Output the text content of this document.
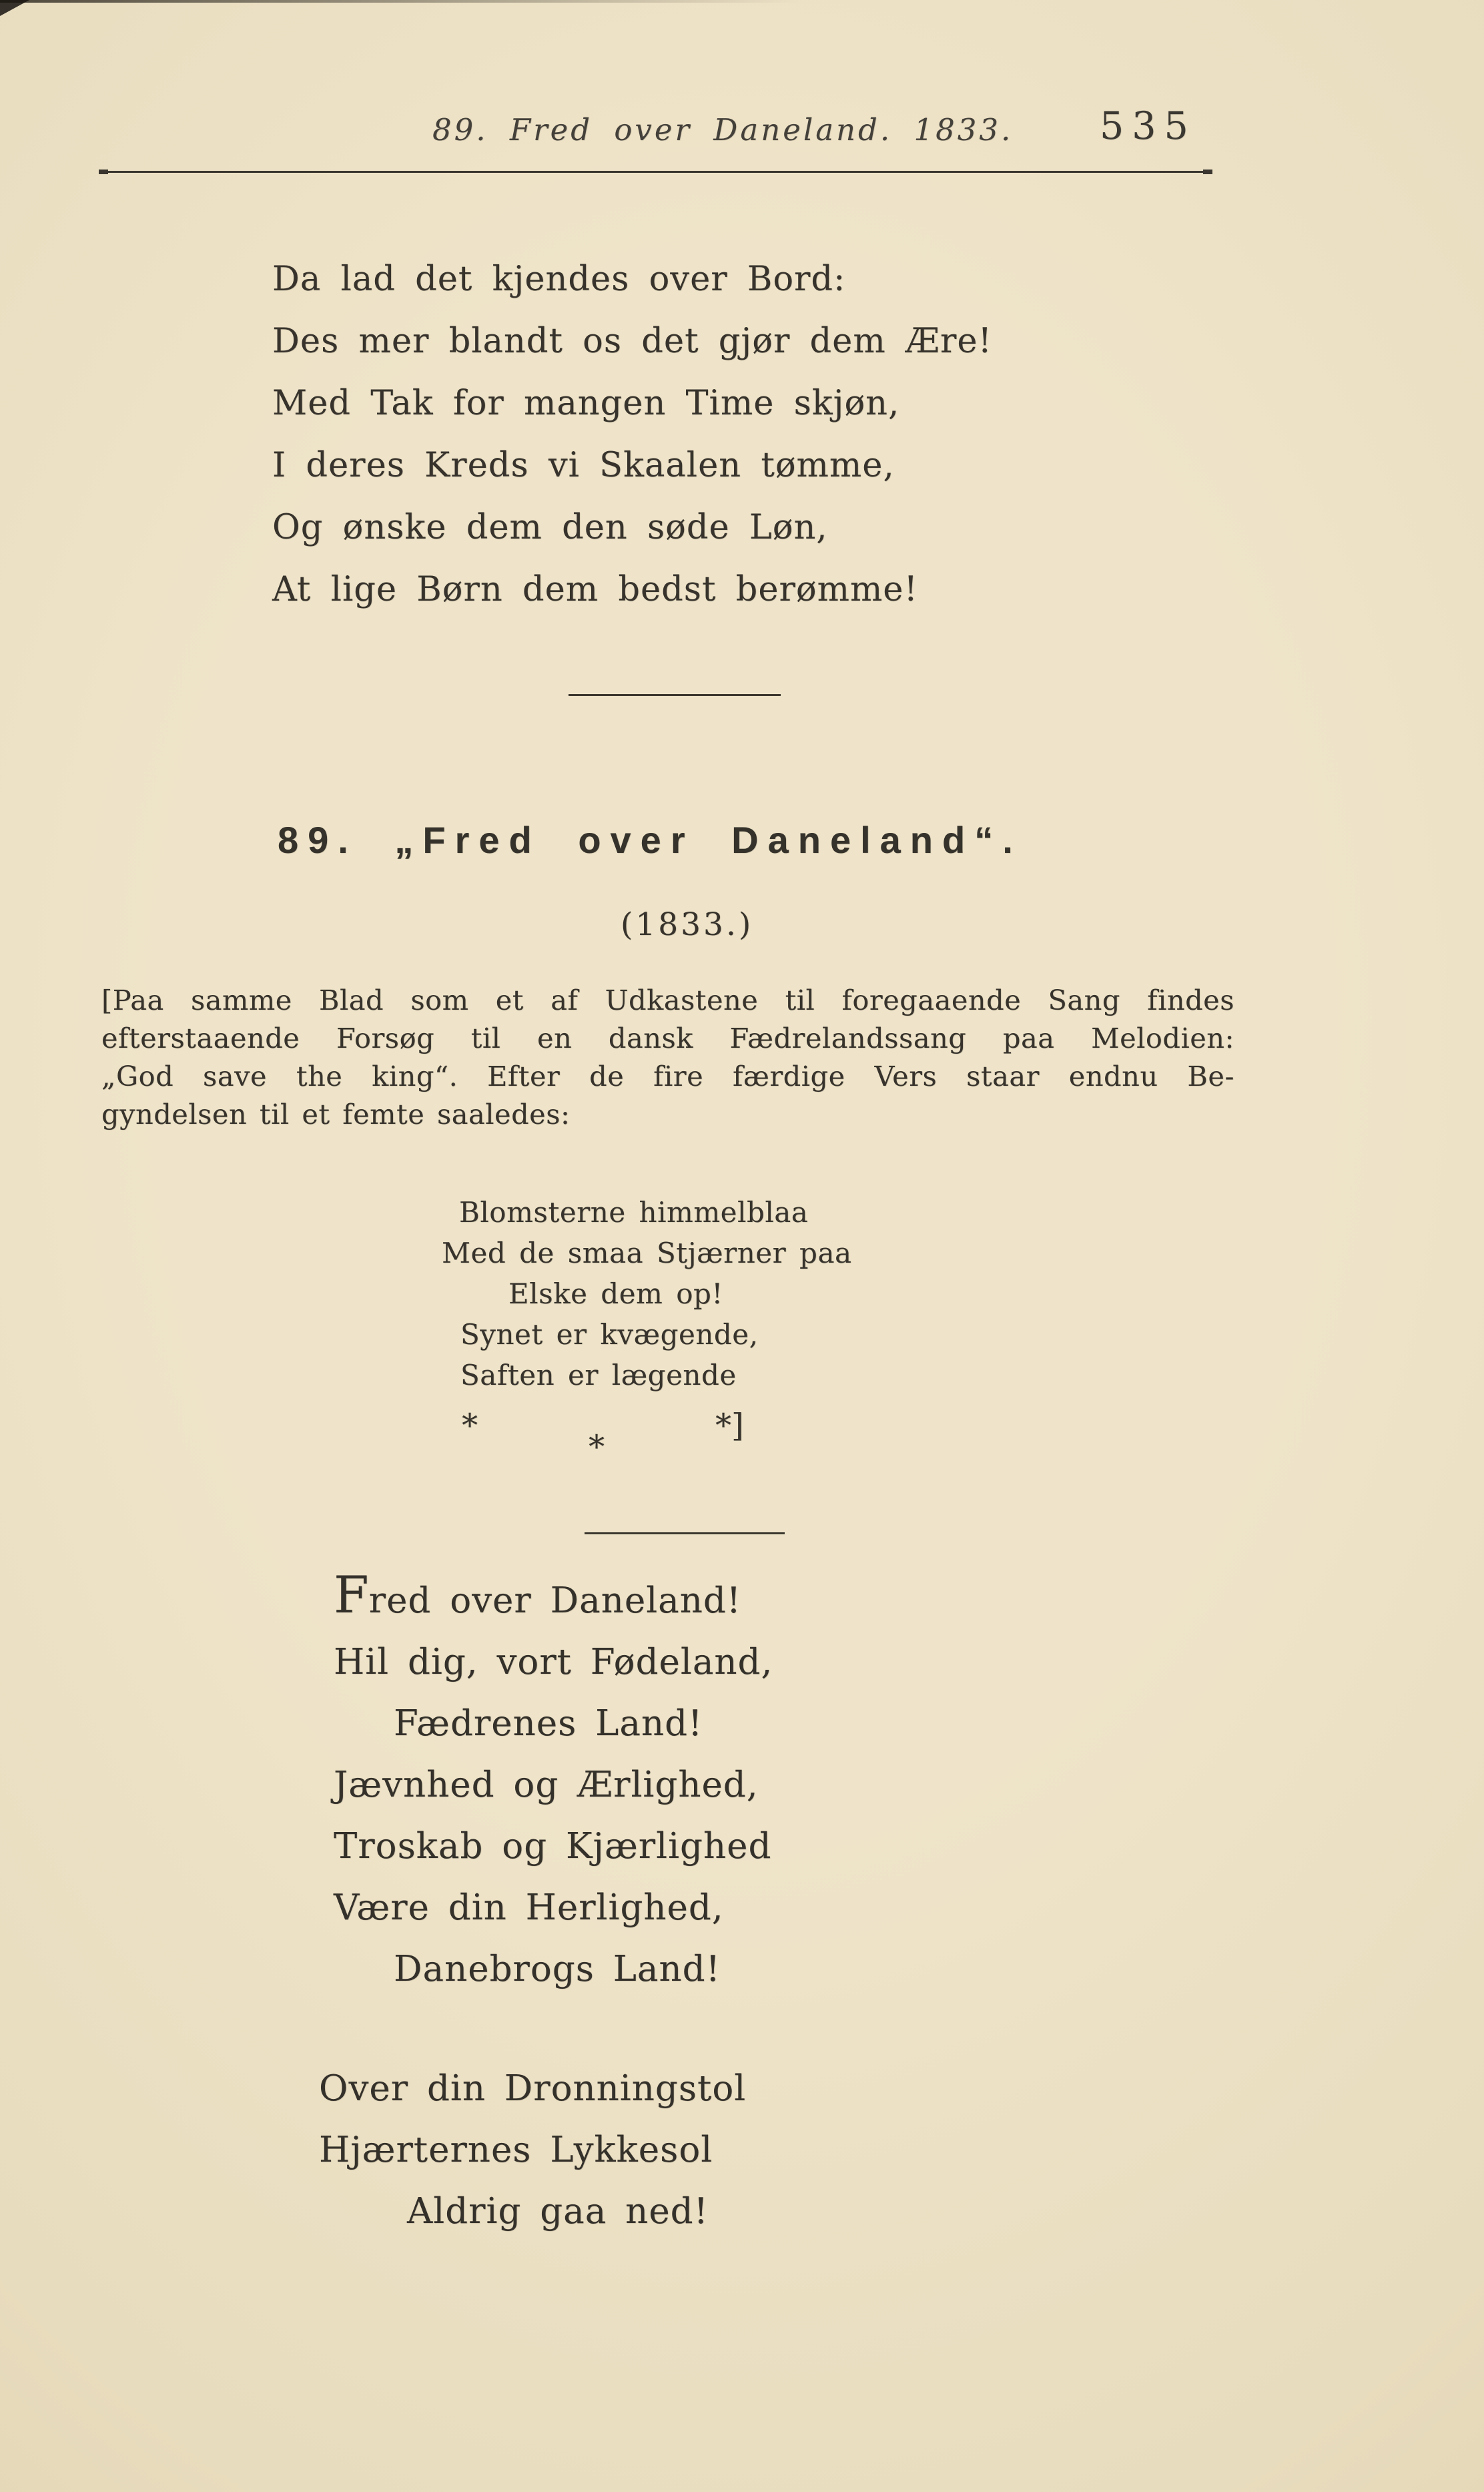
89. Fred over Daneland. 1833. 535
Da lad det kjendes over Bord:
Des mer blandt os det gjør dem Ære!
Med Tak for mangen Time skjøn,
I deres Kreds vi Skaalen tømme,
Og ønske dem den søde Løn,
At lige Børn dem bedst berømme!
89. „Fred over Daneland“.
(1833.)
[Paa samme Blad som et af Udkastene til foregaaende Sang findes
efterstaaende Forsøg til en dansk Fædrelandssang paa Melodien:
„God save the king“. Efter de fire færdige Vers staar endnu Be-
gyndelsen til et femte saaledes:
Blomsterne himmelblaa
Med de smaa Stjærner paa
Elske dem op!
Synet er kvægende,
Saften er lægende
*
*
*]
Fred over Daneland!
Hil dig, vort Fødeland,
Fædrenes Land!
Jævnhed og Ærlighed,
Troskab og Kjærlighed
Være din Herlighed,
Danebrogs Land!
Over din Dronningstol
Hjærternes Lykkesol
Aldrig gaa ned!
